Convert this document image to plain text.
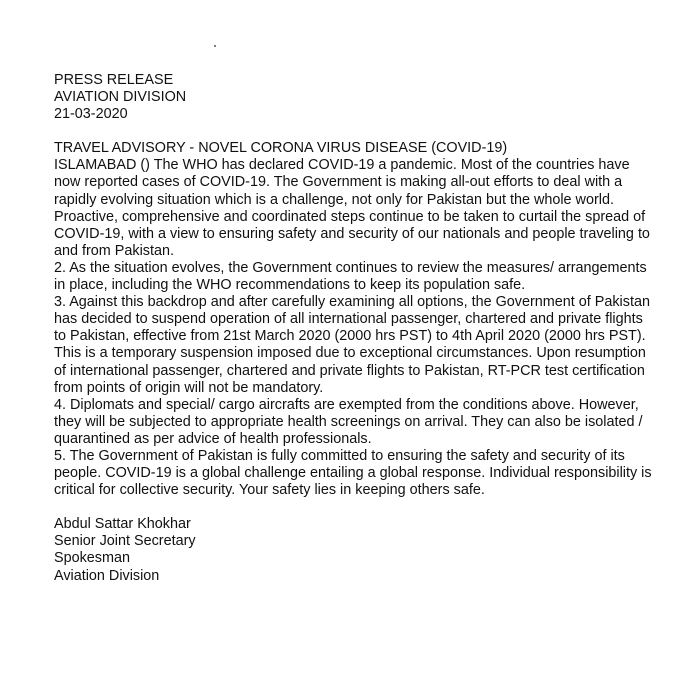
PRESS RELEASE
AVIATION DIVISION
21-03-2020
TRAVEL ADVISORY - NOVEL CORONA VIRUS DISEASE (COVID-19)
ISLAMABAD () The WHO has declared COVID-19 a pandemic. Most of the countries have now reported cases of COVID-19. The Government is making all-out efforts to deal with a rapidly evolving situation which is a challenge, not only for Pakistan but the whole world. Proactive, comprehensive and coordinated steps continue to be taken to curtail the spread of COVID-19, with a view to ensuring safety and security of our nationals and people traveling to and from Pakistan.
2. As the situation evolves, the Government continues to review the measures/ arrangements in place, including the WHO recommendations to keep its population safe.
3. Against this backdrop and after carefully examining all options, the Government of Pakistan has decided to suspend operation of all international passenger, chartered and private flights to Pakistan, effective from 21st March 2020 (2000 hrs PST) to 4th April 2020 (2000 hrs PST). This is a temporary suspension imposed due to exceptional circumstances. Upon resumption of international passenger, chartered and private flights to Pakistan, RT-PCR test certification from points of origin will not be mandatory.
4. Diplomats and special/ cargo aircrafts are exempted from the conditions above. However, they will be subjected to appropriate health screenings on arrival. They can also be isolated / quarantined as per advice of health professionals.
5. The Government of Pakistan is fully committed to ensuring the safety and security of its people. COVID-19 is a global challenge entailing a global response. Individual responsibility is critical for collective security. Your safety lies in keeping others safe.
Abdul Sattar Khokhar
Senior Joint Secretary
Spokesman
Aviation Division
